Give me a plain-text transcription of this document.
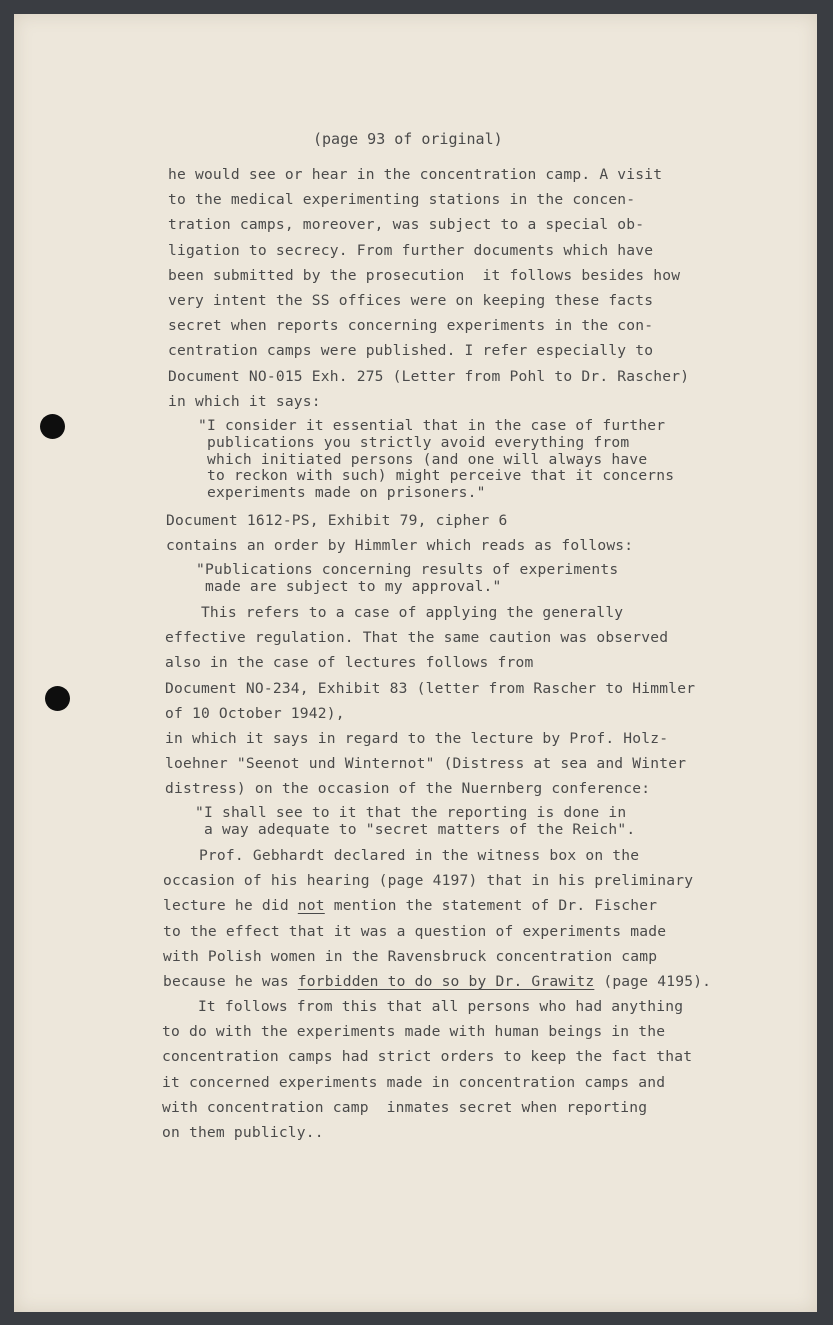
(page 93 of original)

he would see or hear in the concentration camp. A visit
to the medical experimenting stations in the concen-
tration camps, moreover, was subject to a special ob-
ligation to secrecy. From further documents which have
been submitted by the prosecution  it follows besides how
very intent the SS offices were on keeping these facts
secret when reports concerning experiments in the con-
centration camps were published. I refer especially to
Document NO-015 Exh. 275 (Letter from Pohl to Dr. Rascher)
in which it says:

"I consider it essential that in the case of further
publications you strictly avoid everything from
which initiated persons (and one will always have
to reckon with such) might perceive that it concerns
experiments made on prisoners."

Document 1612-PS, Exhibit 79, cipher 6
contains an order by Himmler which reads as follows:

"Publications concerning results of experiments
made are subject to my approval."

This refers to a case of applying the generally
effective regulation. That the same caution was observed
also in the case of lectures follows from
Document NO-234, Exhibit 83 (letter from Rascher to Himmler
of 10 October 1942),
in which it says in regard to the lecture by Prof. Holz-
loehner "Seenot und Winternot" (Distress at sea and Winter
distress) on the occasion of the Nuernberg conference:

"I shall see to it that the reporting is done in
a way adequate to "secret matters of the Reich".

Prof. Gebhardt declared in the witness box on the
occasion of his hearing (page 4197) that in his preliminary
lecture he did not mention the statement of Dr. Fischer
to the effect that it was a question of experiments made
with Polish women in the Ravensbruck concentration camp
because he was forbidden to do so by Dr. Grawitz (page 4195).

It follows from this that all persons who had anything
to do with the experiments made with human beings in the
concentration camps had strict orders to keep the fact that
it concerned experiments made in concentration camps and
with concentration camp  inmates secret when reporting
on them publicly..
